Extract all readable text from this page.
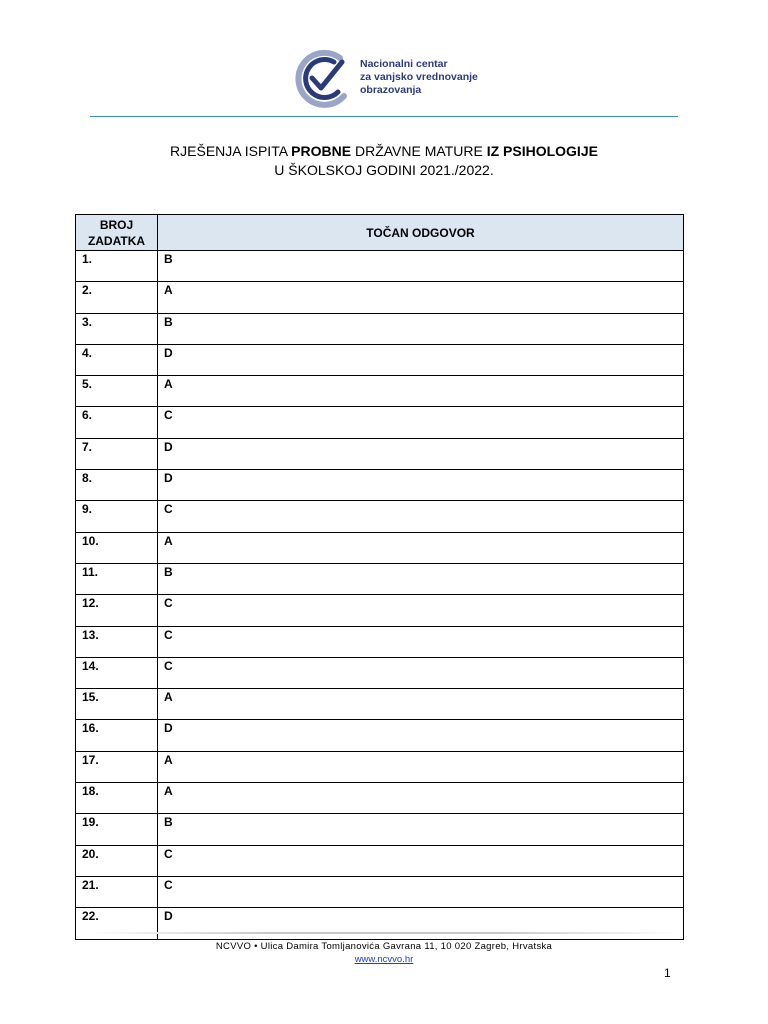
Nacionalni centar
za vanjsko vrednovanje
obrazovanja
RJEŠENJA ISPITA PROBNE DRŽAVNE MATURE IZ PSIHOLOGIJE
U ŠKOLSKOJ GODINI 2021./2022.
BROJ
ZADATKA	TOČAN ODGOVOR
1.	B
2.	A
3.	B
4.	D
5.	A
6.	C
7.	D
8.	D
9.	C
10.	A
11.	B
12.	C
13.	C
14.	C
15.	A
16.	D
17.	A
18.	A
19.	B
20.	C
21.	C
22.	D
NCVVO • Ulica Damira Tomljanovića Gavrana 11, 10 020 Zagreb, Hrvatska
www.ncvvo.hr
1
